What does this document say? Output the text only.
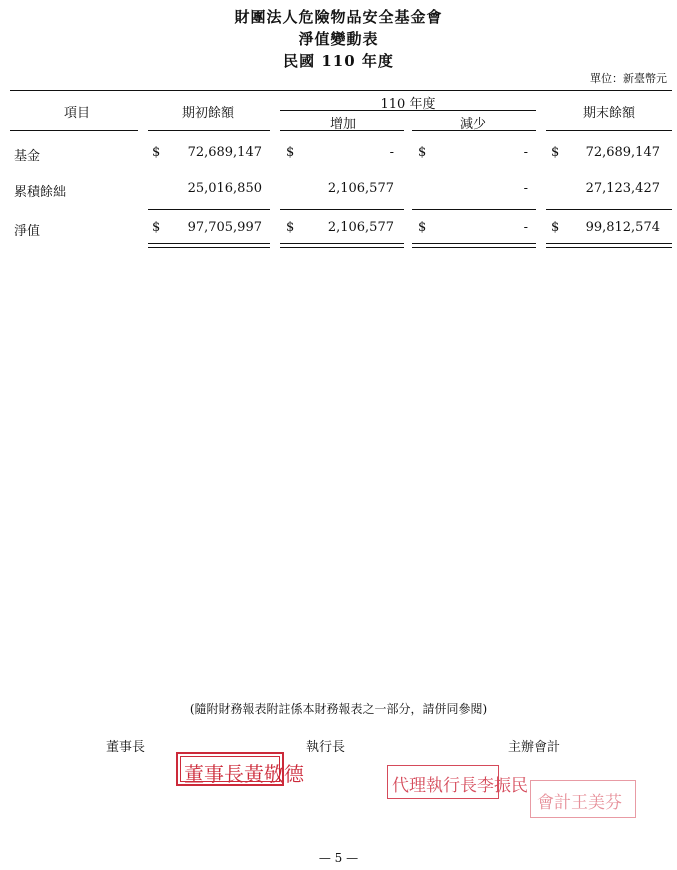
財團法人危險物品安全基金會
淨值變動表
民國 110 年度
單位：新臺幣元
項目	期初餘額
110 年度
增加	減少
期末餘額
基金	$	72,689,147 $	- $	- $	72,689,147
累積餘絀	25,016,850	2,106,577	-	27,123,427
淨值	$	97,705,997 $	2,106,577 $	- $	99,812,574
(隨附財務報表附註係本財務報表之一部分，請併同參閱)
董事長	執行長	主辦會計
董事長黃敬德	代理執行長李振民
會計王美芬
— 5 —
